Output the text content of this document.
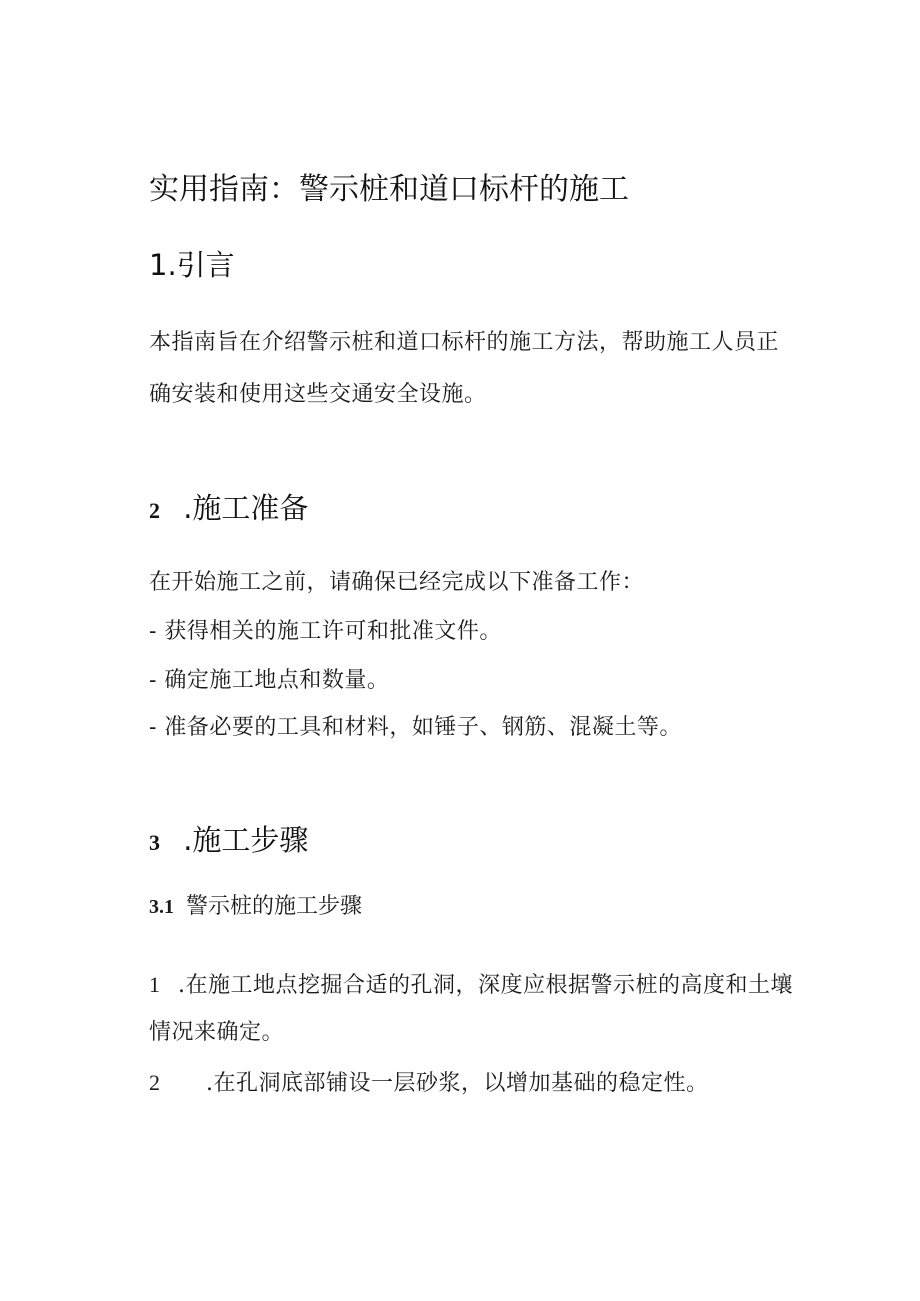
实用指南：警示桩和道口标杆的施工
1.引言
本指南旨在介绍警示桩和道口标杆的施工方法，帮助施工人员正
确安装和使用这些交通安全设施。
2 .施工准备
在开始施工之前，请确保已经完成以下准备工作：
- 获得相关的施工许可和批准文件。
- 确定施工地点和数量。
- 准备必要的工具和材料，如锤子、钢筋、混凝土等。
3 .施工步骤
3.1 警示桩的施工步骤
1 .在施工地点挖掘合适的孔洞，深度应根据警示桩的高度和土壤
情况来确定。
2 .在孔洞底部铺设一层砂浆，以增加基础的稳定性。
